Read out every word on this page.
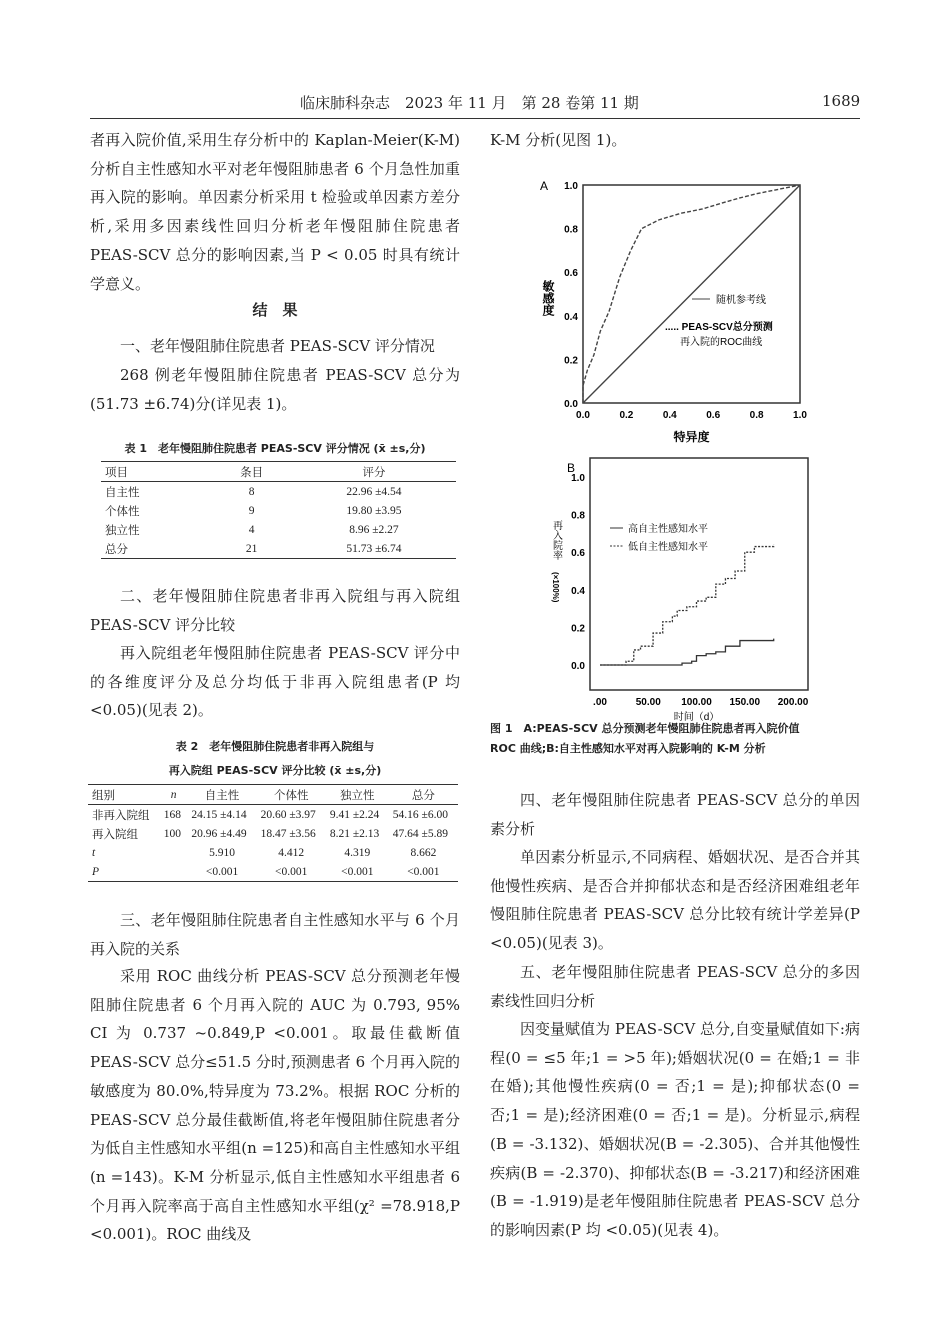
临床肺科杂志　2023 年 11 月　第 28 卷第 11 期	1689
者再入院价值,采用生存分析中的 Kaplan-Meier(K-M)分析自主性感知水平对老年慢阻肺患者 6 个月急性加重再入院的影响。单因素分析采用 t 检验或单因素方差分析,采用多因素线性回归分析老年慢阻肺住院患者 PEAS-SCV 总分的影响因素,当 P < 0.05 时具有统计学意义。
结　果
一、老年慢阻肺住院患者 PEAS-SCV 评分情况
268 例老年慢阻肺住院患者 PEAS-SCV 总分为(51.73 ±6.74)分(详见表 1)。
表 1　老年慢阻肺住院患者 PEAS-SCV 评分情况 (x̄ ±s,分)
项目	条目	评分
自主性	8	22.96 ±4.54
个体性	9	19.80 ±3.95
独立性	4	8.96 ±2.27
总分	21	51.73 ±6.74
二、老年慢阻肺住院患者非再入院组与再入院组 PEAS-SCV 评分比较
再入院组老年慢阻肺住院患者 PEAS-SCV 评分中的各维度评分及总分均低于非再入院组患者(P 均 <0.05)(见表 2)。
表 2　老年慢阻肺住院患者非再入院组与
再入院组 PEAS-SCV 评分比较 (x̄ ±s,分)
组别	n	自主性	个体性	独立性	总分
非再入院组	168	24.15 ±4.14	20.60 ±3.97	9.41 ±2.24	54.16 ±6.00
再入院组	100	20.96 ±4.49	18.47 ±3.56	8.21 ±2.13	47.64 ±5.89
t		5.910	4.412	4.319	8.662
P		<0.001	<0.001	<0.001	<0.001
三、老年慢阻肺住院患者自主性感知水平与 6 个月再入院的关系
采用 ROC 曲线分析 PEAS-SCV 总分预测老年慢阻肺住院患者 6 个月再入院的 AUC 为 0.793, 95% CI 为 0.737 ~0.849,P <0.001。取最佳截断值 PEAS-SCV 总分≤51.5 分时,预测患者 6 个月再入院的敏感度为 80.0%,特异度为 73.2%。根据 ROC 分析的 PEAS-SCV 总分最佳截断值,将老年慢阻肺住院患者分为低自主性感知水平组(n =125)和高自主性感知水平组(n =143)。K-M 分析显示,低自主性感知水平组患者 6 个月再入院率高于高自主性感知水平组(χ² =78.918,P <0.001)。ROC 曲线及
K-M 分析(见图 1)。
A
0.0
0.0
0.2
0.2
0.4
0.4
0.6
0.6
0.8
0.8
1.0
1.0
特异度
敏感度	随机参考线
..... PEAS-SCV总分预测
再入院的ROC曲线
B
0.0
0.2
0.4
0.6
0.8
1.0
.00	50.00 100.00 150.00 200.00
时间（d）
再入院率
(×100%)
高自主性感知水平
低自主性感知水平
图 1　A:PEAS-SCV 总分预测老年慢阻肺住院患者再入院价值
ROC 曲线;B:自主性感知水平对再入院影响的 K-M 分析
四、老年慢阻肺住院患者 PEAS-SCV 总分的单因素分析
单因素分析显示,不同病程、婚姻状况、是否合并其他慢性疾病、是否合并抑郁状态和是否经济困难组老年慢阻肺住院患者 PEAS-SCV 总分比较有统计学差异(P <0.05)(见表 3)。
五、老年慢阻肺住院患者 PEAS-SCV 总分的多因素线性回归分析
因变量赋值为 PEAS-SCV 总分,自变量赋值如下:病程(0 = ≤5 年;1 = >5 年);婚姻状况(0 = 在婚;1 = 非在婚);其他慢性疾病(0 = 否;1 = 是);抑郁状态(0 = 否;1 = 是);经济困难(0 = 否;1 = 是)。分析显示,病程(B = -3.132)、婚姻状况(B = -2.305)、合并其他慢性疾病(B = -2.370)、抑郁状态(B = -3.217)和经济困难(B = -1.919)是老年慢阻肺住院患者 PEAS-SCV 总分的影响因素(P 均 <0.05)(见表 4)。
